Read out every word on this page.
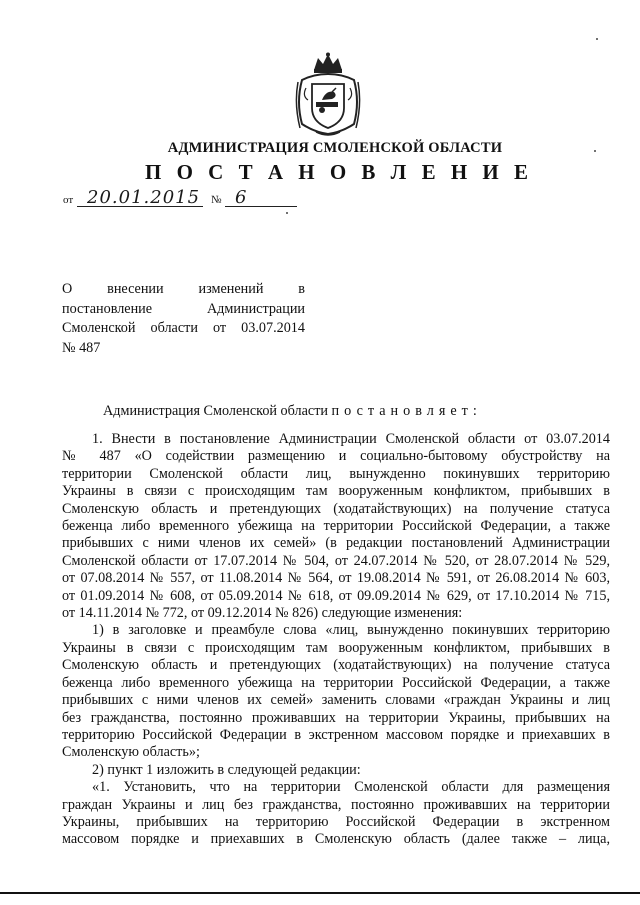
АДМИНИСТРАЦИЯ СМОЛЕНСКОЙ ОБЛАСТИ
П О С Т А Н О В Л Е Н И Е
от 20.01.2015 № 6
О внесении изменений в
постановление Администрации
Смоленской области от 03.07.2014
№ 487
Администрация Смоленской области постановляет:
1. Внести в постановление Администрации Смоленской области от 03.07.2014
№ 487 «О содействии размещению и социально-бытовому обустройству на
территории Смоленской области лиц, вынужденно покинувших территорию
Украины в связи с происходящим там вооруженным конфликтом, прибывших в
Смоленскую область и претендующих (ходатайствующих) на получение статуса
беженца либо временного убежища на территории Российской Федерации, а также
прибывших с ними членов их семей» (в редакции постановлений Администрации
Смоленской области от 17.07.2014 № 504, от 24.07.2014 № 520, от 28.07.2014 № 529,
от 07.08.2014 № 557, от 11.08.2014 № 564, от 19.08.2014 № 591, от 26.08.2014 № 603,
от 01.09.2014 № 608, от 05.09.2014 № 618, от 09.09.2014 № 629, от 17.10.2014 № 715,
от 14.11.2014 № 772, от 09.12.2014 № 826) следующие изменения:
1) в заголовке и преамбуле слова «лиц, вынужденно покинувших территорию
Украины в связи с происходящим там вооруженным конфликтом, прибывших в
Смоленскую область и претендующих (ходатайствующих) на получение статуса
беженца либо временного убежища на территории Российской Федерации, а также
прибывших с ними членов их семей» заменить словами «граждан Украины и лиц
без гражданства, постоянно проживавших на территории Украины, прибывших на
территорию Российской Федерации в экстренном массовом порядке и приехавших в
Смоленскую область»;
2) пункт 1 изложить в следующей редакции:
«1. Установить, что на территории Смоленской области для размещения
граждан Украины и лиц без гражданства, постоянно проживавших на территории
Украины, прибывших на территорию Российской Федерации в экстренном
массовом порядке и приехавших в Смоленскую область (далее также – лица,
